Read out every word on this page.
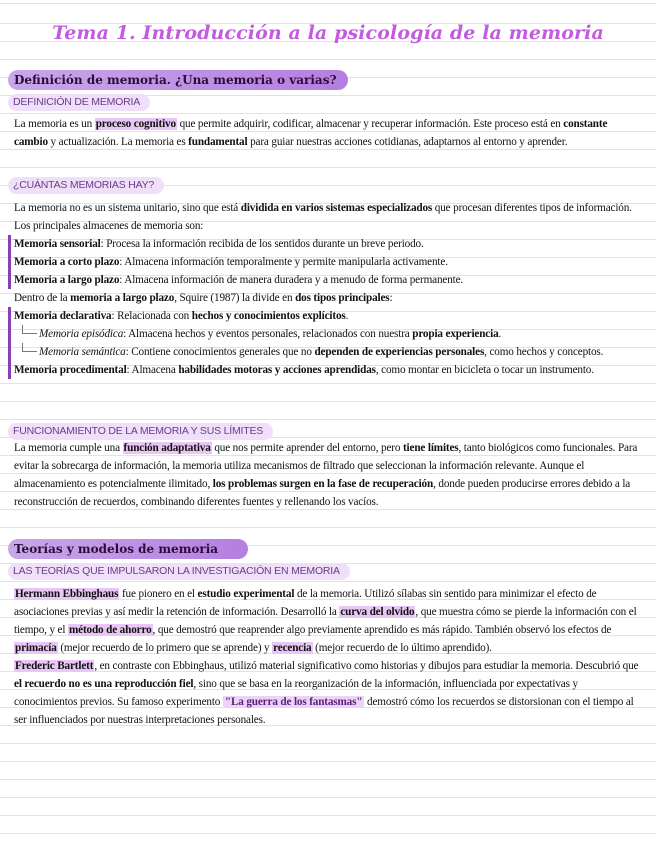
Tema 1. Introducción a la psicología de la memoria
Definición de memoria. ¿Una memoria o varias?
DEFINICIÓN DE MEMORIA

La memoria es un proceso cognitivo que permite adquirir, codificar, almacenar y recuperar información. Este proceso está en constante cambio y actualización. La memoria es fundamental para guiar nuestras acciones cotidianas, adaptarnos al entorno y aprender.

¿CUÁNTAS MEMORIAS HAY?

La memoria no es un sistema unitario, sino que está dividida en varios sistemas especializados que procesan diferentes tipos de información. Los principales almacenes de memoria son:

Memoria sensorial: Procesa la información recibida de los sentidos durante un breve periodo.

Memoria a corto plazo: Almacena información temporalmente y permite manipularla activamente.

Memoria a largo plazo: Almacena información de manera duradera y a menudo de forma permanente.

Dentro de la memoria a largo plazo, Squire (1987) la divide en dos tipos principales:

Memoria declarativa: Relacionada con hechos y conocimientos explícitos.

Memoria episódica: Almacena hechos y eventos personales, relacionados con nuestra propia experiencia.

Memoria semántica: Contiene conocimientos generales que no dependen de experiencias personales, como hechos y conceptos.

Memoria procedimental: Almacena habilidades motoras y acciones aprendidas, como montar en bicicleta o tocar un instrumento.

FUNCIONAMIENTO DE LA MEMORIA Y SUS LÍMITES

La memoria cumple una función adaptativa que nos permite aprender del entorno, pero tiene límites, tanto biológicos como funcionales. Para evitar la sobrecarga de información, la memoria utiliza mecanismos de filtrado que seleccionan la información relevante. Aunque el almacenamiento es potencialmente ilimitado, los problemas surgen en la fase de recuperación, donde pueden producirse errores debido a la reconstrucción de recuerdos, combinando diferentes fuentes y rellenando los vacíos.

Teorías y modelos de memoria
LAS TEORÍAS QUE IMPULSARON LA INVESTIGACIÓN EN MEMORIA

Hermann Ebbinghaus fue pionero en el estudio experimental de la memoria. Utilizó sílabas sin sentido para minimizar el efecto de asociaciones previas y así medir la retención de información. Desarrolló la curva del olvido, que muestra cómo se pierde la información con el tiempo, y el método de ahorro, que demostró que reaprender algo previamente aprendido es más rápido. También observó los efectos de primacía (mejor recuerdo de lo primero que se aprende) y recencia (mejor recuerdo de lo último aprendido).

Frederic Bartlett, en contraste con Ebbinghaus, utilizó material significativo como historias y dibujos para estudiar la memoria. Descubrió que el recuerdo no es una reproducción fiel, sino que se basa en la reorganización de la información, influenciada por expectativas y conocimientos previos. Su famoso experimento "La guerra de los fantasmas" demostró cómo los recuerdos se distorsionan con el tiempo al ser influenciados por nuestras interpretaciones personales.
